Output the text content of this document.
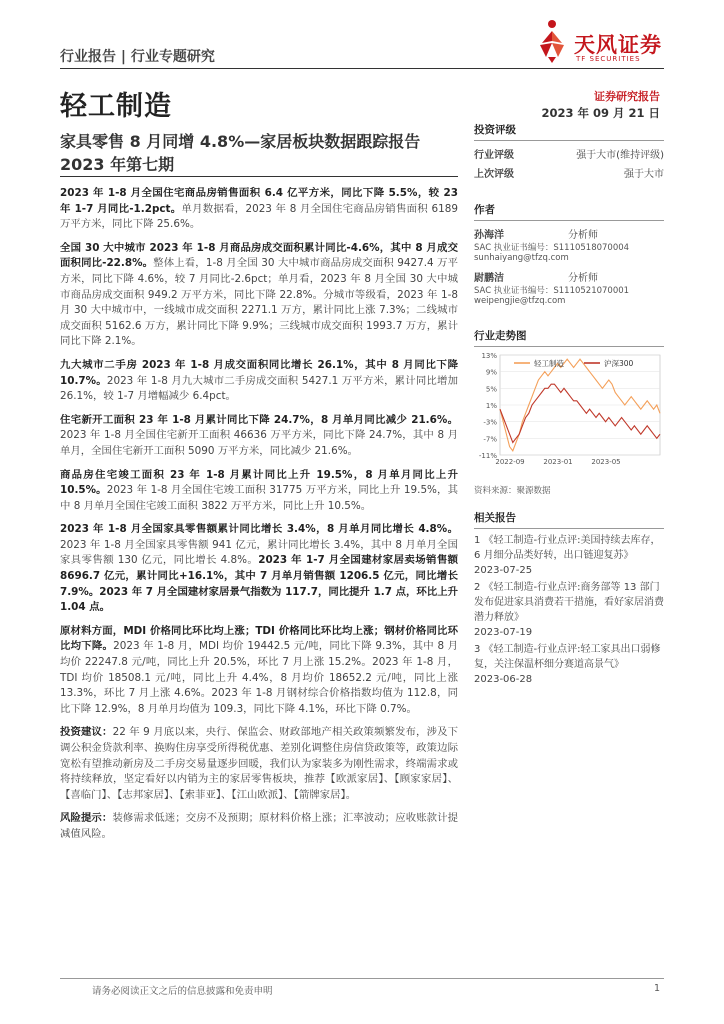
天风证券
TF SECURITIES
行业报告 | 行业专题研究
轻工制造	证券研究报告
2023 年 09 月 21 日
家具零售 8 月同增 4.8%—家居板块数据跟踪报告
2023 年第七期
2023 年 1-8 月全国住宅商品房销售面积 6.4 亿平方米，同比下降 5.5%，较 23 年 1-7 月同比-1.2pct。单月数据看，2023 年 8 月全国住宅商品房销售面积 6189 万平方米，同比下降 25.6%。
全国 30 大中城市 2023 年 1-8 月商品房成交面积累计同比-4.6%，其中 8 月成交面积同比-22.8%。整体上看，1-8 月全国 30 大中城市商品房成交面积 9427.4 万平方米，同比下降 4.6%，较 7 月同比-2.6pct；单月看，2023 年 8 月全国 30 大中城市商品房成交面积 949.2 万平方米，同比下降 22.8%。分城市等级看，2023 年 1-8 月 30 大中城市中，一线城市成交面积 2271.1 万方，累计同比上涨 7.3%；二线城市成交面积 5162.6 万方，累计同比下降 9.9%；三线城市成交面积 1993.7 万方，累计同比下降 2.1%。
九大城市二手房 2023 年 1-8 月成交面积同比增长 26.1%，其中 8 月同比下降 10.7%。2023 年 1-8 月九大城市二手房成交面积 5427.1 万平方米，累计同比增加 26.1%，较 1-7 月增幅减少 6.4pct。
住宅新开工面积 23 年 1-8 月累计同比下降 24.7%，8 月单月同比减少 21.6%。2023 年 1-8 月全国住宅新开工面积 46636 万平方米，同比下降 24.7%，其中 8 月单月，全国住宅新开工面积 5090 万平方米，同比减少 21.6%。
商品房住宅竣工面积 23 年 1-8 月累计同比上升 19.5%，8 月单月同比上升 10.5%。2023 年 1-8 月全国住宅竣工面积 31775 万平方米，同比上升 19.5%，其中 8 月单月全国住宅竣工面积 3822 万平方米，同比上升 10.5%。
2023 年 1-8 月全国家具零售额累计同比增长 3.4%，8 月单月同比增长 4.8%。2023 年 1-8 月全国家具零售额 941 亿元，累计同比增长 3.4%，其中 8 月单月全国家具零售额 130 亿元，同比增长 4.8%。2023 年 1-7 月全国建材家居卖场销售额 8696.7 亿元，累计同比+16.1%，其中 7 月单月销售额 1206.5 亿元，同比增长 7.9%。2023 年 7 月全国建材家居景气指数为 117.7，同比提升 1.7 点，环比上升 1.04 点。
原材料方面，MDI 价格同比环比均上涨；TDI 价格同比环比均上涨；钢材价格同比环比均下降。2023 年 1-8 月，MDI 均价 19442.5 元/吨，同比下降 9.3%，其中 8 月均价 22247.8 元/吨，同比上升 20.5%，环比 7 月上涨 15.2%。2023 年 1-8 月，TDI 均价 18508.1 元/吨，同比上升 4.4%，8 月均价 18652.2 元/吨，同比上涨 13.3%，环比 7 月上涨 4.6%。2023 年 1-8 月钢材综合价格指数均值为 112.8，同比下降 12.9%，8 月单月均值为 109.3，同比下降 4.1%，环比下降 0.7%。
投资建议：22 年 9 月底以来，央行、保监会、财政部地产相关政策频繁发布，涉及下调公积金贷款利率、换购住房享受所得税优惠、差别化调整住房信贷政策等，政策边际宽松有望推动新房及二手房交易量逐步回暖，我们认为家装多为刚性需求，终端需求或将持续释放，坚定看好以内销为主的家居零售板块，推荐【欧派家居】、【顾家家居】、【喜临门】、【志邦家居】、【索菲亚】、【江山欧派】、【箭牌家居】。
风险提示：装修需求低迷；交房不及预期；原材料价格上涨；汇率波动；应收账款计提减值风险。
投资评级
行业评级	强于大市(维持评级)
上次评级	强于大市
作者
孙海洋	分析师
SAC 执业证书编号：S1110518070004
sunhaiyang@tfzq.com
尉鹏洁	分析师
SAC 执业证书编号：S1110521070001
weipengjie@tfzq.com
行业走势图
13%
9%
5%
1%
-3%
-7%
-11%
2022-09	2023-01	2023-05
轻工制造	沪深300
资料来源：聚源数据
相关报告
1 《轻工制造-行业点评:美国持续去库存，6 月细分品类好转，出口链迎复苏》
2023-07-25
2 《轻工制造-行业点评:商务部等 13 部门发布促进家具消费若干措施，看好家居消费潜力释放》
2023-07-19
3 《轻工制造-行业点评:轻工家具出口弱修复，关注保温杯细分赛道高景气》
2023-06-28
请务必阅读正文之后的信息披露和免责申明	1
